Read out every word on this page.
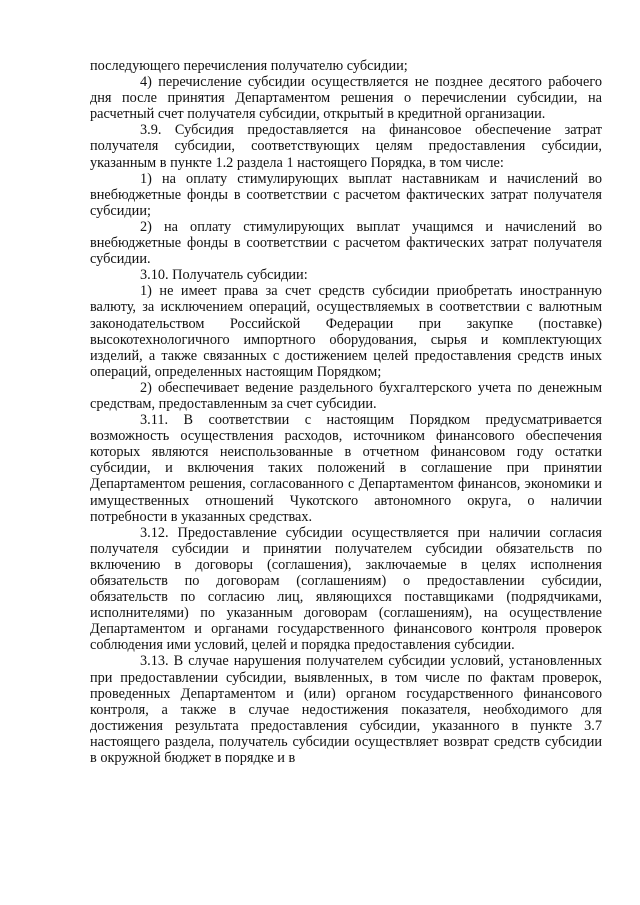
последующего перечисления получателю субсидии;

4) перечисление субсидии осуществляется не позднее десятого рабочего дня после принятия Департаментом решения о перечислении субсидии, на расчетный счет получателя субсидии, открытый в кредитной организации.

3.9. Субсидия предоставляется на финансовое обеспечение затрат получателя субсидии, соответствующих целям предоставления субсидии, указанным в пункте 1.2 раздела 1 настоящего Порядка, в том числе:

1) на оплату стимулирующих выплат наставникам и начислений во внебюджетные фонды в соответствии с расчетом фактических затрат получателя субсидии;

2) на оплату стимулирующих выплат учащимся и начислений во внебюджетные фонды в соответствии с расчетом фактических затрат получателя субсидии.

3.10. Получатель субсидии:

1) не имеет права за счет средств субсидии приобретать иностранную валюту, за исключением операций, осуществляемых в соответствии с валютным законодательством Российской Федерации при закупке (поставке) высокотехнологичного импортного оборудования, сырья и комплектующих изделий, а также связанных с достижением целей предоставления средств иных операций, определенных настоящим Порядком;

2) обеспечивает ведение раздельного бухгалтерского учета по денежным средствам, предоставленным за счет субсидии.

3.11. В соответствии с настоящим Порядком предусматривается возможность осуществления расходов, источником финансового обеспечения которых являются неиспользованные в отчетном финансовом году остатки субсидии, и включения таких положений в соглашение при принятии Департаментом решения, согласованного с Департаментом финансов, экономики и имущественных отношений Чукотского автономного округа, о наличии потребности в указанных средствах.

3.12. Предоставление субсидии осуществляется при наличии согласия получателя субсидии и принятии получателем субсидии обязательств по включению в договоры (соглашения), заключаемые в целях исполнения обязательств по договорам (соглашениям) о предоставлении субсидии, обязательств по согласию лиц, являющихся поставщиками (подрядчиками, исполнителями) по указанным договорам (соглашениям), на осуществление Департаментом и органами государственного финансового контроля проверок соблюдения ими условий, целей и порядка предоставления субсидии.

3.13. В случае нарушения получателем субсидии условий, установленных при предоставлении субсидии, выявленных, в том числе по фактам проверок, проведенных Департаментом и (или) органом государственного финансового контроля, а также в случае недостижения показателя, необходимого для достижения результата предоставления субсидии, указанного в пункте 3.7 настоящего раздела, получатель субсидии осуществляет возврат средств субсидии в окружной бюджет в порядке и в
